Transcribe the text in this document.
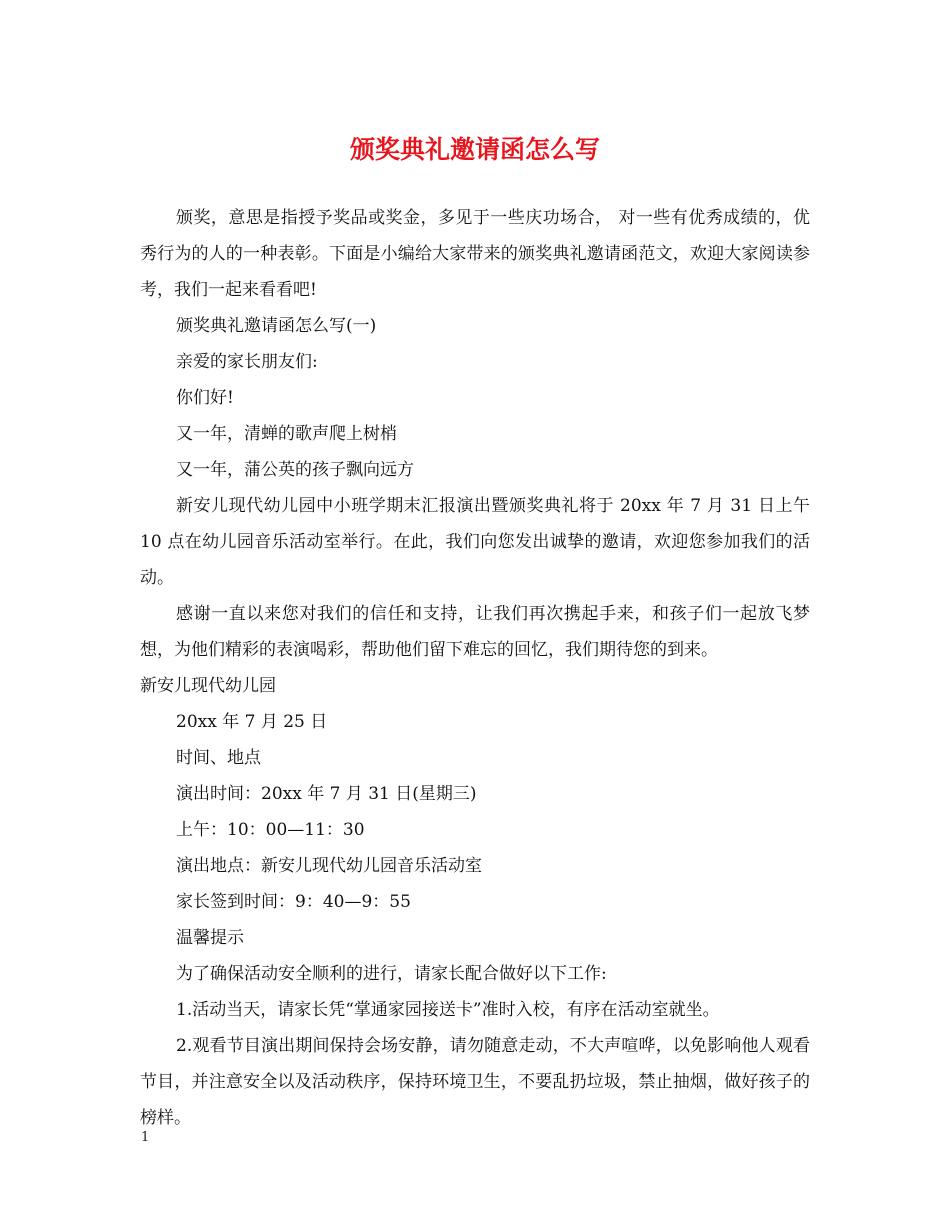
颁奖典礼邀请函怎么写

颁奖，意思是指授予奖品或奖金，多见于一些庆功场合， 对一些有优秀成绩的，优秀行为的人的一种表彰。下面是小编给大家带来的颁奖典礼邀请函范文，欢迎大家阅读参考，我们一起来看看吧!

颁奖典礼邀请函怎么写(一)

亲爱的家长朋友们:

你们好!

又一年，清蝉的歌声爬上树梢

又一年，蒲公英的孩子飘向远方

新安儿现代幼儿园中小班学期末汇报演出暨颁奖典礼将于 20xx 年 7 月 31 日上午 10 点在幼儿园音乐活动室举行。在此，我们向您发出诚挚的邀请，欢迎您参加我们的活动。

感谢一直以来您对我们的信任和支持，让我们再次携起手来，和孩子们一起放飞梦想，为他们精彩的表演喝彩，帮助他们留下难忘的回忆，我们期待您的到来。

新安儿现代幼儿园

20xx 年 7 月 25 日

时间、地点

演出时间：20xx 年 7 月 31 日(星期三)

上午：10：00—11：30

演出地点：新安儿现代幼儿园音乐活动室

家长签到时间：9：40—9：55

温馨提示

为了确保活动安全顺利的进行，请家长配合做好以下工作:

1.活动当天，请家长凭“掌通家园接送卡”准时入校，有序在活动室就坐。

2.观看节目演出期间保持会场安静，请勿随意走动，不大声喧哗，以免影响他人观看节目，并注意安全以及活动秩序，保持环境卫生，不要乱扔垃圾，禁止抽烟，做好孩子的榜样。

1
